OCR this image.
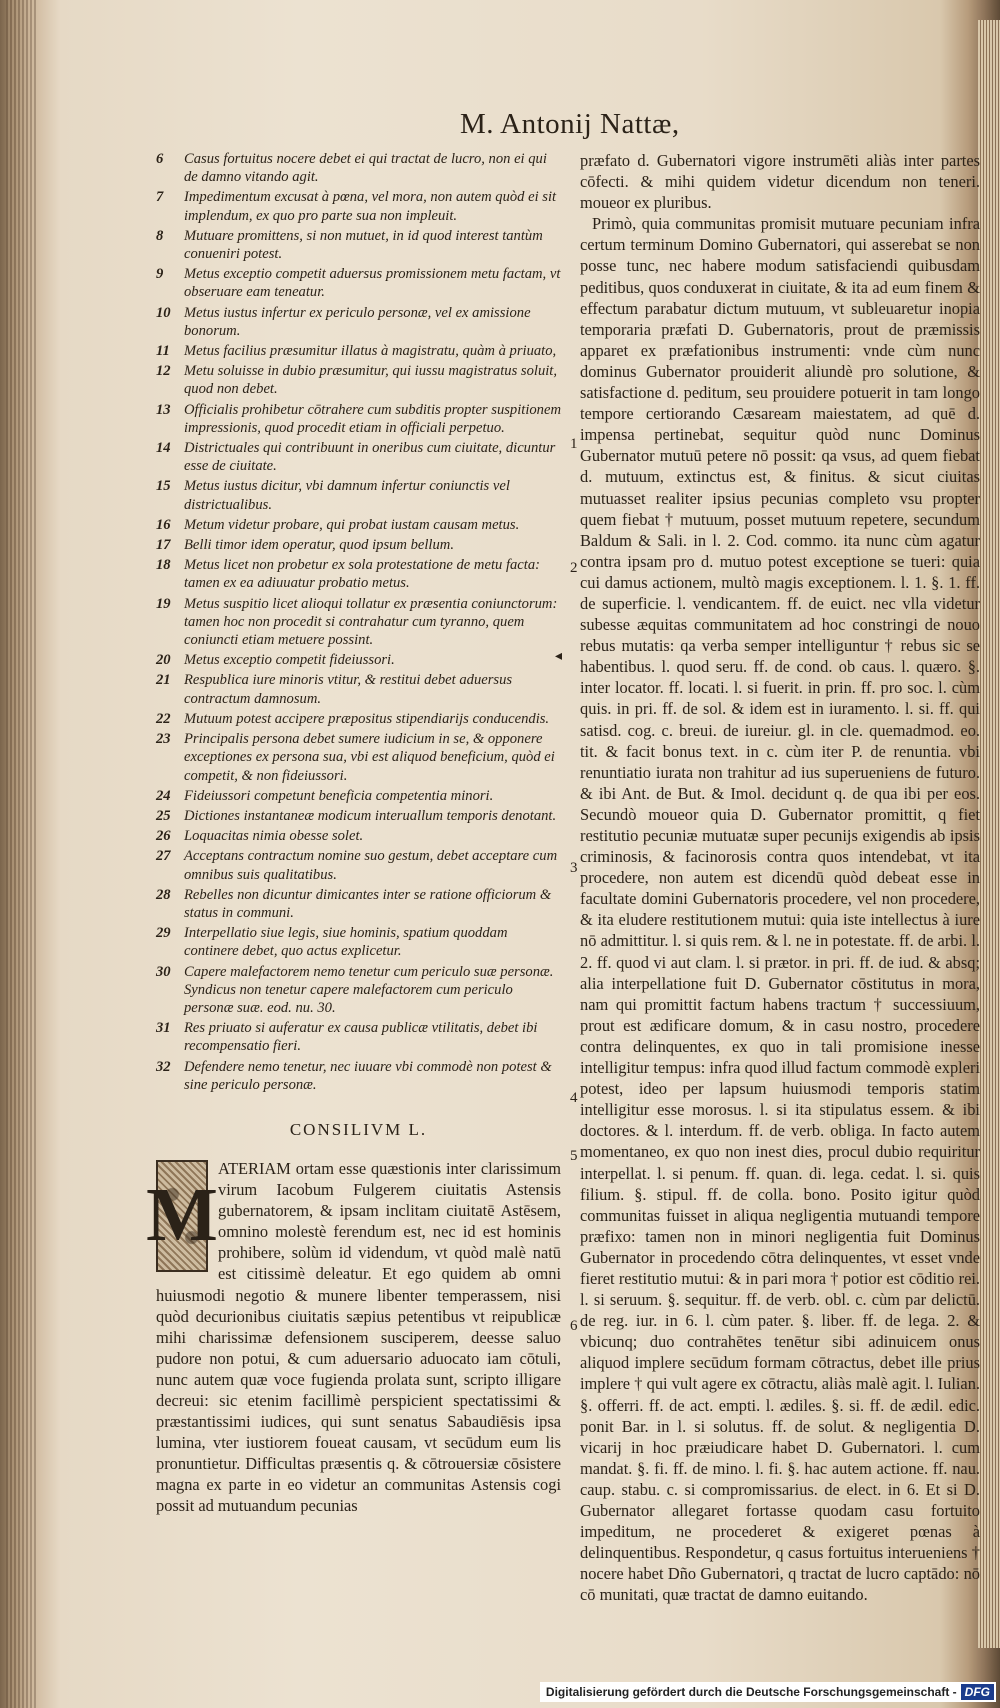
M. Antonij Nattæ,
6 Casus fortuitus nocere debet ei qui tractat de lucro, non ei qui de damno vitando agit.
7 Impedimentum excusat à pœna, vel mora, non autem quòd ei sit implendum, ex quo pro parte sua non impleuit.
8 Mutuare promittens, si non mutuet, in id quod interest tantùm conueniri potest.
9 Metus exceptio competit aduersus promissionem metu factam, vt obseruare eam teneatur.
10 Metus iustus infertur ex periculo personæ, vel ex amissione bonorum.
11 Metus facilius præsumitur illatus à magistratu, quàm à priuato,
12 Metu soluisse in dubio præsumitur, qui iussu magistratus soluit, quod non debet.
13 Officialis prohibetur cōtrahere cum subditis propter suspitionem impressionis, quod procedit etiam in officiali perpetuo.
14 Districtuales qui contribuunt in oneribus cum ciuitate, dicuntur esse de ciuitate.
15 Metus iustus dicitur, vbi damnum infertur coniunctis vel districtualibus.
16 Metum videtur probare, qui probat iustam causam metus.
17 Belli timor idem operatur, quod ipsum bellum.
18 Metus licet non probetur ex sola protestatione de metu facta: tamen ex ea adiuuatur probatio metus.
19 Metus suspitio licet alioqui tollatur ex præsentia coniunctorum: tamen hoc non procedit si contrahatur cum tyranno, quem coniuncti etiam metuere possint.
20 Metus exceptio competit fideiussori.
21 Respublica iure minoris vtitur, & restitui debet aduersus contractum damnosum.
22 Mutuum potest accipere præpositus stipendiarijs conducendis.
23 Principalis persona debet sumere iudicium in se, & opponere exceptiones ex persona sua, vbi est aliquod beneficium, quòd ei competit, & non fideiussori.
24 Fideiussori competunt beneficia competentia minori.
25 Dictiones instantaneæ modicum interuallum temporis denotant.
26 Loquacitas nimia obesse solet.
27 Acceptans contractum nomine suo gestum, debet acceptare cum omnibus suis qualitatibus.
28 Rebelles non dicuntur dimicantes inter se ratione officiorum & status in communi.
29 Interpellatio siue legis, siue hominis, spatium quoddam continere debet, quo actus explicetur.
30 Capere malefactorem nemo tenetur cum periculo suæ personæ. Syndicus non tenetur capere malefactorem cum periculo personæ suæ. eod. nu. 30.
31 Res priuato si auferatur ex causa publicæ vtilitatis, debet ibi recompensatio fieri.
32 Defendere nemo tenetur, nec iuuare vbi commodè non potest & sine periculo personæ.
CONSILIVM L.
M
ATERIAM ortam esse quæstionis inter clarissimum virum Iacobum Fulgerem ciuitatis Astensis gubernatorem, & ipsam inclitam ciuitatē Astēsem, omnino molestè ferendum est, nec id est hominis prohibere, solùm id videndum, vt quòd malè natū est citissimè deleatur. Et ego quidem ab omni huiusmodi negotio & munere libenter temperassem, nisi quòd decurionibus ciuitatis sæpius petentibus vt reipublicæ mihi charissimæ defensionem susciperem, deesse saluo pudore non potui, & cum aduersario aduocato iam cōtuli, nunc autem quæ voce fugienda prolata sunt, scripto illigare decreui: sic etenim facillimè perspicient spectatissimi & præstantissimi iudices, qui sunt senatus Sabaudiēsis ipsa lumina, vter iustiorem foueat causam, vt secūdum eum lis pronuntietur. Difficultas præsentis q. & cōtrouersiæ cōsistere magna ex parte in eo videtur an communitas Astensis cogi possit ad mutuandum pecunias

præfato d. Gubernatori vigore instrumēti aliàs inter partes cōfecti. & mihi quidem videtur dicendum non teneri. moueor ex pluribus.

Primò, quia communitas promisit mutuare pecuniam infra certum terminum Domino Gubernatori, qui asserebat se non posse tunc, nec habere modum satisfaciendi quibusdam peditibus, quos conduxerat in ciuitate, & ita ad eum finem & effectum parabatur dictum mutuum, vt subleuaretur inopia temporaria præfati D. Gubernatoris, prout de præmissis apparet ex præfationibus instrumenti: vnde cùm nunc dominus Gubernator prouiderit aliundè pro solutione, & satisfactione d. peditum, seu prouidere potuerit in tam longo tempore certiorando Cæsaream maiestatem, ad quē d. impensa pertinebat, sequitur quòd nunc Dominus Gubernator mutuū petere nō possit: qa vsus, ad quem fiebat d. mutuum, extinctus est, & finitus. & sicut ciuitas mutuasset realiter ipsius pecunias completo vsu propter quem fiebat † mutuum, posset mutuum repetere, secundum Baldum & Sali. in l. 2. Cod. commo. ita nunc cùm agatur contra ipsam pro d. mutuo potest exceptione se tueri: quia cui damus actionem, multò magis exceptionem. l. 1. §. 1. ff. de superficie. l. vendicantem. ff. de euict. nec vlla videtur subesse æquitas communitatem ad hoc constringi de nouo rebus mutatis: qa verba semper intelliguntur † rebus sic se habentibus. l. quod seru. ff. de cond. ob caus. l. quæro. §. inter locator. ff. locati. l. si fuerit. in prin. ff. pro soc. l. cùm quis. in pri. ff. de sol. & idem est in iuramento. l. si. ff. qui satisd. cog. c. breui. de iureiur. gl. in cle. quemadmod. eo. tit. & facit bonus text. in c. cùm iter P. de renuntia. vbi renuntiatio iurata non trahitur ad ius superueniens de futuro. & ibi Ant. de But. & Imol. decidunt q. de qua ibi per eos. Secundò moueor quia D. Gubernator promittit, q fiet restitutio pecuniæ mutuatæ super pecunijs exigendis ab ipsis criminosis, & facinorosis contra quos intendebat, vt ita procedere, non autem est dicendū quòd debeat esse in facultate domini Gubernatoris procedere, vel non procedere, & ita eludere restitutionem mutui: quia iste intellectus à iure nō admittitur. l. si quis rem. & l. ne in potestate. ff. de arbi. l. 2. ff. quod vi aut clam. l. si prætor. in pri. ff. de iud. & absq; alia interpellatione fuit D. Gubernator cōstitutus in mora, nam qui promittit factum habens tractum † successiuum, prout est ædificare domum, & in casu nostro, procedere contra delinquentes, ex quo in tali promisione inesse intelligitur tempus: infra quod illud factum commodè expleri potest, ideo per lapsum huiusmodi temporis statim intelligitur esse morosus. l. si ita stipulatus essem. & ibi doctores. & l. interdum. ff. de verb. obliga. In facto autem momentaneo, ex quo non inest dies, procul dubio requiritur interpellat. l. si penum. ff. quan. di. lega. cedat. l. si. quis filium. §. stipul. ff. de colla. bono. Posito igitur quòd communitas fuisset in aliqua negligentia mutuandi tempore præfixo: tamen non in minori negligentia fuit Dominus Gubernator in procedendo cōtra delinquentes, vt esset vnde fieret restitutio mutui: & in pari mora † potior est cōditio rei. l. si seruum. §. sequitur. ff. de verb. obl. c. cùm par delictū. de reg. iur. in 6. l. cùm pater. §. liber. ff. de lega. 2. & vbicunq; duo contrahētes tenētur sibi adinuicem onus aliquod implere secūdum formam cōtractus, debet ille prius implere † qui vult agere ex cōtractu, aliàs malè agit. l. Iulian. §. offerri. ff. de act. empti. l. ædiles. §. si. ff. de ædil. edic. ponit Bar. in l. si solutus. ff. de solut. & negligentia D. vicarij in hoc præiudicare habet D. Gubernatori. l. cum mandat. §. fi. ff. de mino. l. fi. §. hac autem actione. ff. nau. caup. stabu. c. si compromissarius. de elect. in 6. Et si D. Gubernator allegaret fortasse quodam casu fortuito impeditum, ne procederet & exigeret pœnas à delinquentibus. Respondetur, q casus fortuitus interueniens † nocere habet Dño Gubernatori, q tractat de lucro captādo: nō cō munitati, quæ tractat de damno euitando.

◂
Digitalisierung gefördert durch die Deutsche Forschungsgemeinschaft - DFG
1
2
3
4
5
6
